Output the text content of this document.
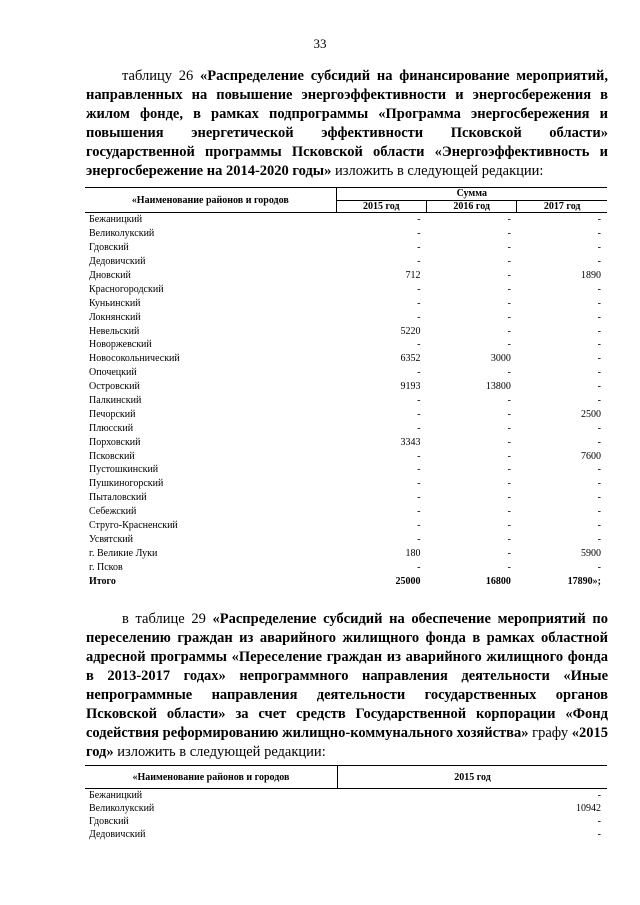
33
таблицу 26 «Распределение субсидий на финансирование мероприятий, направленных на повышение энергоэффективности и энергосбережения в жилом фонде, в рамках подпрограммы «Программа энергосбережения и повышения энергетической эффективности Псковской области» государственной программы Псковской области «Энергоэффективность и энергосбережение на 2014-2020 годы» изложить в следующей редакции:
«Наименование районов и городов	Сумма		
	2015 год	2016 год	2017 год
Бежаницкий	-	-	-
Великолукский	-	-	-
Гдовский	-	-	-
Дедовичский	-	-	-
Дновский	712	-	1890
Красногородский	-	-	-
Куньинский	-	-	-
Локнянский	-	-	-
Невельский	5220	-	-
Новоржевский	-	-	-
Новосокольнический	6352	3000	-
Опочецкий	-	-	-
Островский	9193	13800	-
Палкинский	-	-	-
Печорский	-	-	2500
Плюсский	-	-	-
Порховский	3343	-	-
Псковский	-	-	7600
Пустошкинский	-	-	-
Пушкиногорский	-	-	-
Пыталовский	-	-	-
Себежский	-	-	-
Струго-Красненский	-	-	-
Усвятский	-	-	-
г. Великие Луки	180	-	5900
г. Псков	-	-	-
Итого	25000	16800	17890»;
в таблице 29 «Распределение субсидий на обеспечение мероприятий по переселению граждан из аварийного жилищного фонда в рамках областной адресной программы «Переселение граждан из аварийного жилищного фонда в 2013-2017 годах» непрограммного направления деятельности «Иные непрограммные направления деятельности государственных органов Псковской области» за счет средств Государственной корпорации «Фонд содействия реформированию жилищно-коммунального хозяйства» графу «2015 год» изложить в следующей редакции:
«Наименование районов и городов	2015 год
Бежаницкий	-
Великолукский	10942
Гдовский	-
Дедовичский	-
